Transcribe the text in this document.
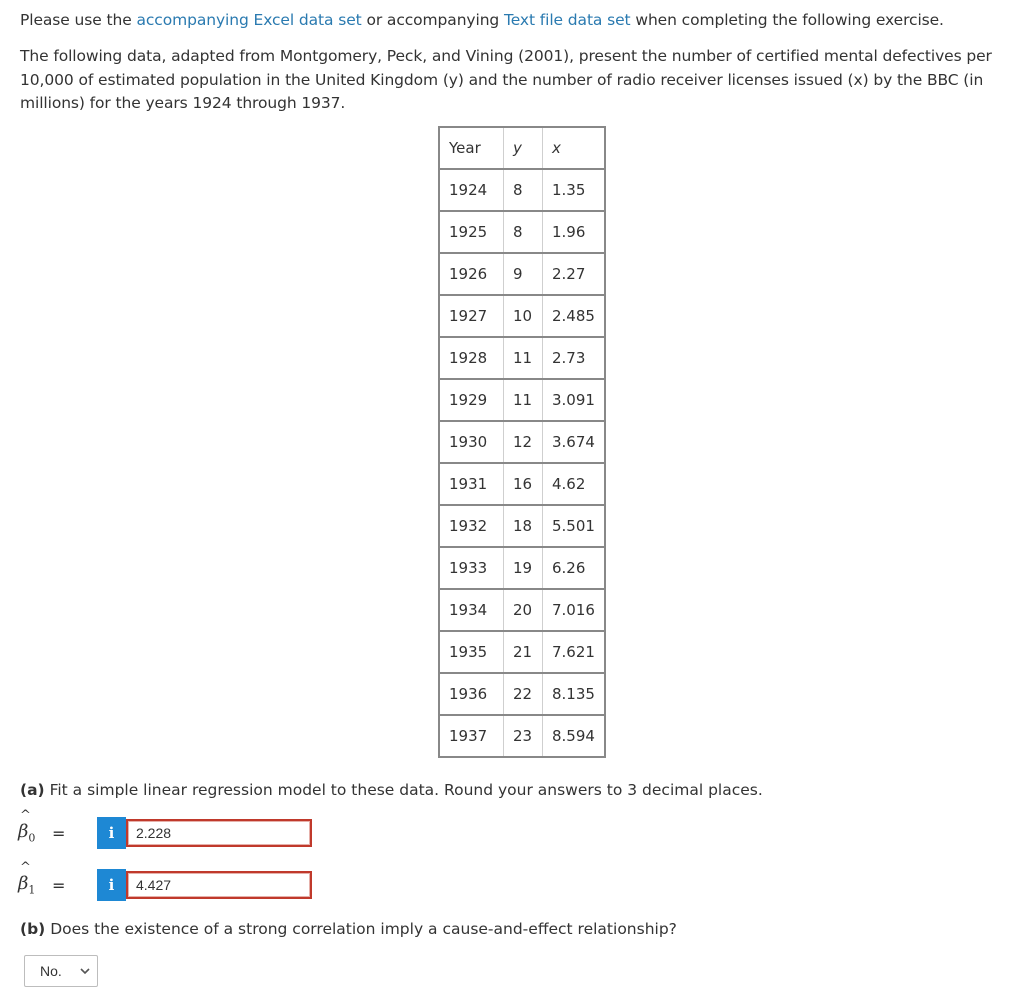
Please use the accompanying Excel data set or accompanying Text file data set when completing the following exercise.
The following data, adapted from Montgomery, Peck, and Vining (2001), present the number of certified mental defectives per 10,000 of estimated population in the United Kingdom (y) and the number of radio receiver licenses issued (x) by the BBC (in millions) for the years 1924 through 1937.
Year	y	x
1924	8	1.35
1925	8	1.96
1926	9	2.27
1927	10	2.485
1928	11	2.73
1929	11	3.091
1930	12	3.674
1931	16	4.62
1932	18	5.501
1933	19	6.26
1934	20	7.016
1935	21	7.621
1936	22	8.135
1937	23	8.594
(a) Fit a simple linear regression model to these data. Round your answers to 3 decimal places.
^
$\beta_0$	=	i	2.228
^
$\beta_1$	=	i	4.427
(b) Does the existence of a strong correlation imply a cause-and-effect relationship?
No.
